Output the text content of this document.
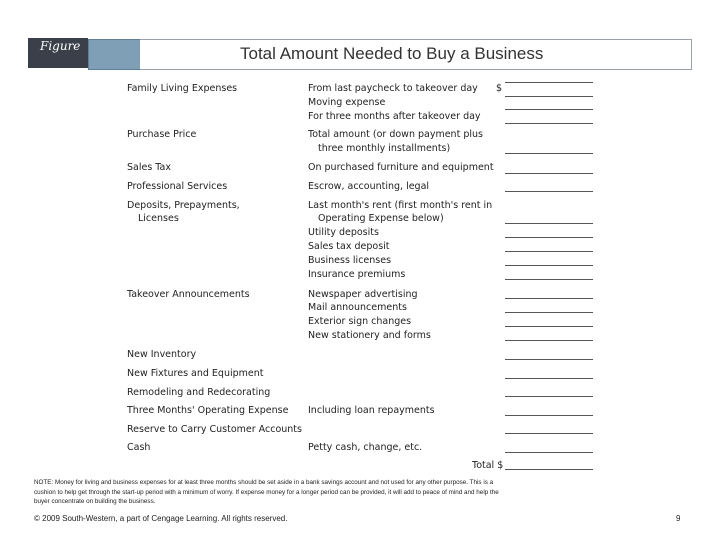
Figure	Total Amount Needed to Buy a Business
Family Living Expenses
Purchase Price
Sales Tax
Professional Services
Deposits, Prepayments,
Licenses
Takeover Announcements
New Inventory
New Fixtures and Equipment
Remodeling and Redecorating
Three Months' Operating Expense
Reserve to Carry Customer Accounts
Cash
From last paycheck to takeover day
Moving expense
For three months after takeover day
Total amount (or down payment plus
three monthly installments)
On purchased furniture and equipment
Escrow, accounting, legal
Last month's rent (first month's rent in
Operating Expense below)
Utility deposits
Sales tax deposit
Business licenses
Insurance premiums
Newspaper advertising
Mail announcements
Exterior sign changes
New stationery and forms
Including loan repayments
Petty cash, change, etc.
$
Total $
NOTE: Money for living and business expenses for at least three months should be set aside in a bank savings account and not used for any other purpose. This is a cushion to help get through the start-up period with a minimum of worry. If expense money for a longer period can be provided, it will add to peace of mind and help the buyer concentrate on building the business.
© 2009 South-Western, a part of Cengage Learning. All rights reserved.	9
